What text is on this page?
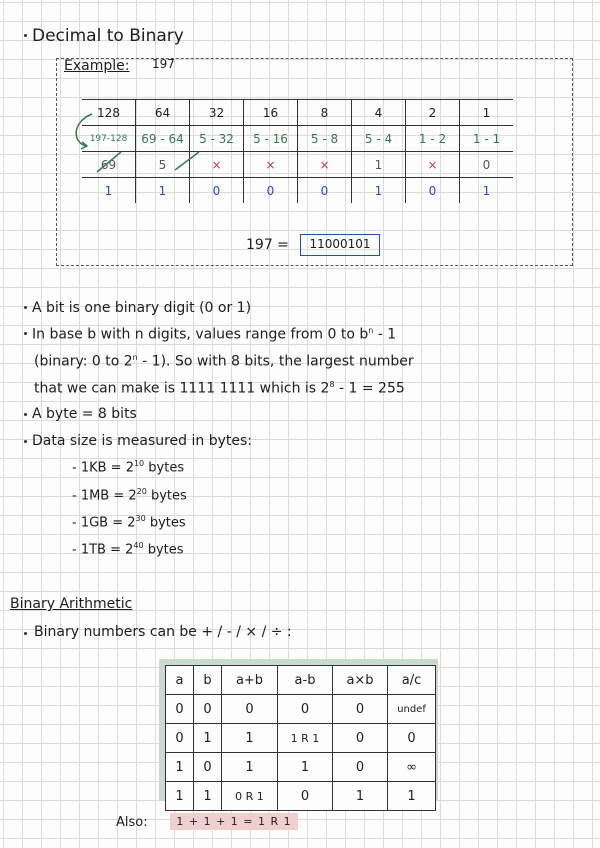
Decimal to Binary
Example: 197
128	64	32	16	8	4	2	1
197-128	69 - 64	5 - 32	5 - 16	5 - 8	5 - 4	1 - 2	1 - 1
69	5	×	×	×	1	×	0
1	1	0	0	0	1	0	1
197 =	11000101
A bit is one binary digit (0 or 1)
In base b with n digits, values range from 0 to $b^n - 1$
(binary: 0 to 2$^n$ - 1). So with 8 bits, the largest number
that we can make is 1111 1111 which is $2^8 - 1 = 255$
A byte = 8 bits
Data size is measured in bytes:
- $1KB = 2^{10}$ bytes
- $1MB = 2^{20}$ bytes
- $1GB = 2^{30}$ bytes
- $1TB = 2^{40}$ bytes
Binary Arithmetic
Binary numbers can be + / - / × / ÷ :
a	b	a+b	a-b	a×b	a/c
0	0	0	0	0	undef
0	1	1	1 R 1	0	0
1	0	1	1	0	∞
1	1	0 R 1	0	1	1
Also:	1 + 1 + 1 = 1 R 1
